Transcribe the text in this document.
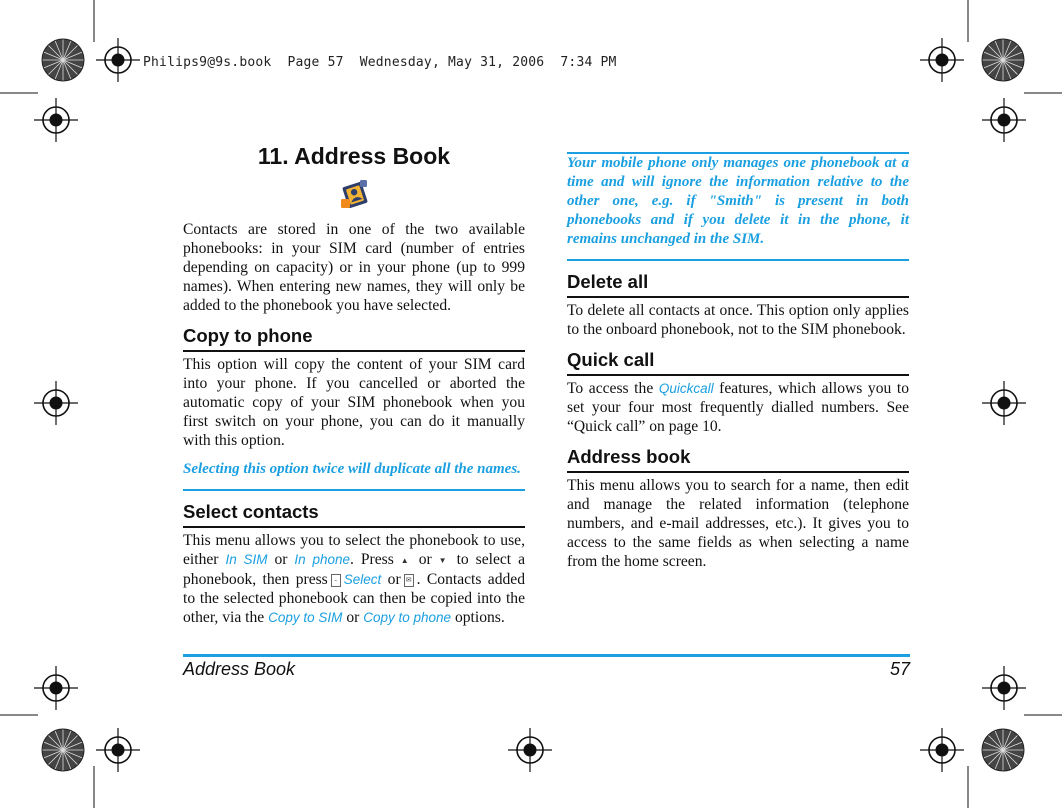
Philips9@9s.book  Page 57  Wednesday, May 31, 2006  7:34 PM
11. Address Book

Contacts are stored in one of the two available phonebooks: in your SIM card (number of entries depending on capacity) or in your phone (up to 999 names). When entering new names, they will only be added to the phonebook you have selected.

Copy to phone

This option will copy the content of your SIM card into your phone. If you cancelled or aborted the automatic copy of your SIM phonebook when you first switch on your phone, you can do it manually with this option.

Selecting this option twice will duplicate all the names.
Select contacts

This menu allows you to select the phonebook to use, either In SIM or In phone. Press ▲ or ▼ to select a phonebook, then press - Select or ✉ . Contacts added to the selected phonebook can then be copied into the other, via the Copy to SIM or Copy to phone options.

Your mobile phone only manages one phonebook at a time and will ignore the information relative to the other one, e.g. if "Smith" is present in both phonebooks and if you delete it in the phone, it remains unchanged in the SIM.
Delete all

To delete all contacts at once. This option only applies to the onboard phonebook, not to the SIM phonebook.

Quick call

To access the Quickcall features, which allows you to set your four most frequently dialled numbers. See “Quick call” on page 10.

Address book

This menu allows you to search for a name, then edit and manage the related information (telephone numbers, and e-mail addresses, etc.). It gives you to access to the same fields as when selecting a name from the home screen.

Address Book	57
